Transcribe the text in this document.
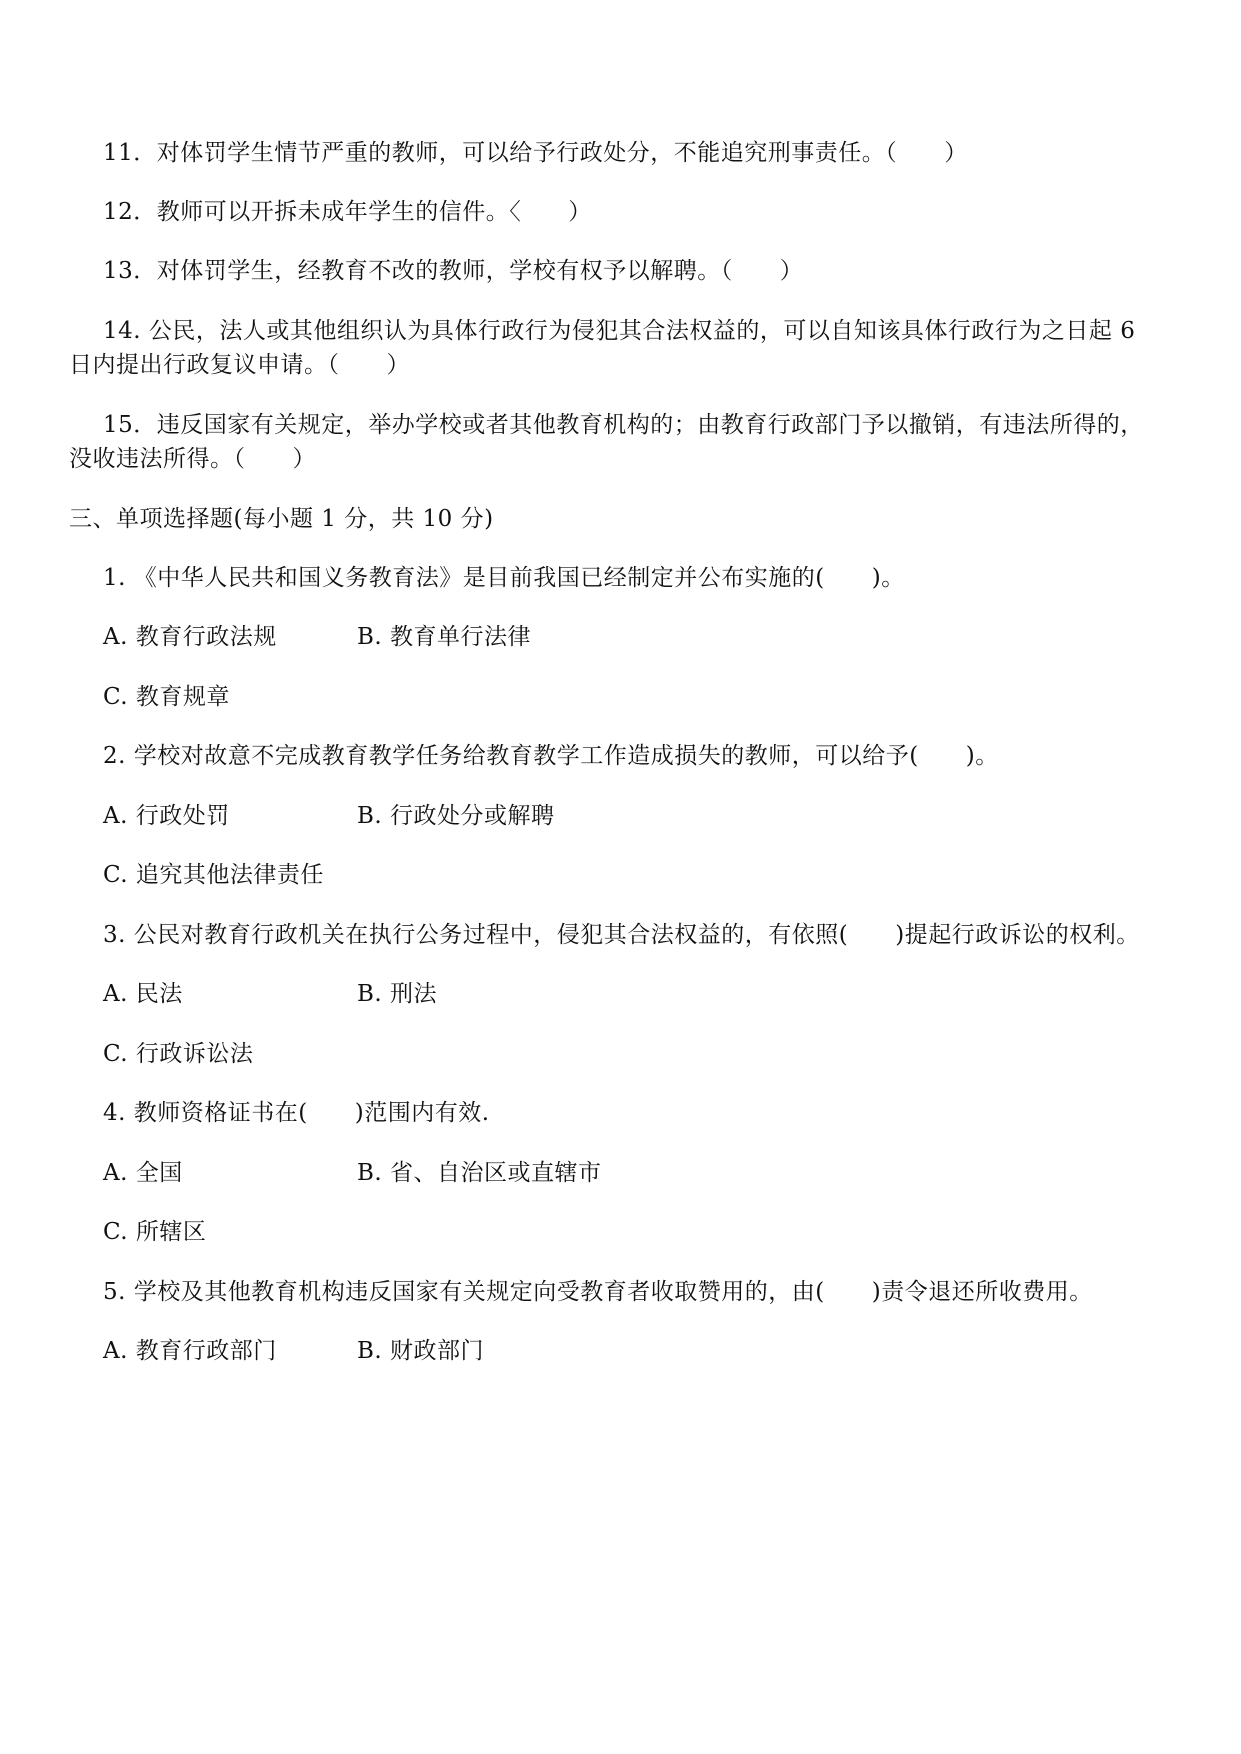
11．对体罚学生情节严重的教师，可以给予行政处分，不能追究刑事责任。（　　）
12．教师可以开拆未成年学生的信件。〈　　）
13．对体罚学生，经教育不改的教师，学校有权予以解聘。（　　）
14. 公民，法人或其他组织认为具体行政行为侵犯其合法权益的，可以自知该具体行政行为之日起 6
日内提出行政复议申请。（　　）
15．违反国家有关规定，举办学校或者其他教育机构的；由教育行政部门予以撤销，有违法所得的，
没收违法所得。（　　）
三、单项选择题(每小题 1 分，共 10 分)
1. 《中华人民共和国义务教育法》是目前我国已经制定并公布实施的(　　)。
A. 教育行政法规	B. 教育单行法律
C. 教育规章
2. 学校对故意不完成教育教学任务给教育教学工作造成损失的教师，可以给予(　　)。
A. 行政处罚	B. 行政处分或解聘
C. 追究其他法律责任
3. 公民对教育行政机关在执行公务过程中，侵犯其合法权益的，有依照(　　)提起行政诉讼的权利。
A. 民法	B. 刑法
C. 行政诉讼法
4. 教师资格证书在(　　)范围内有效.
A. 全国	B. 省、自治区或直辖市
C. 所辖区
5. 学校及其他教育机构违反国家有关规定向受教育者收取赞用的，由(　　)责令退还所收费用。
A. 教育行政部门	B. 财政部门
